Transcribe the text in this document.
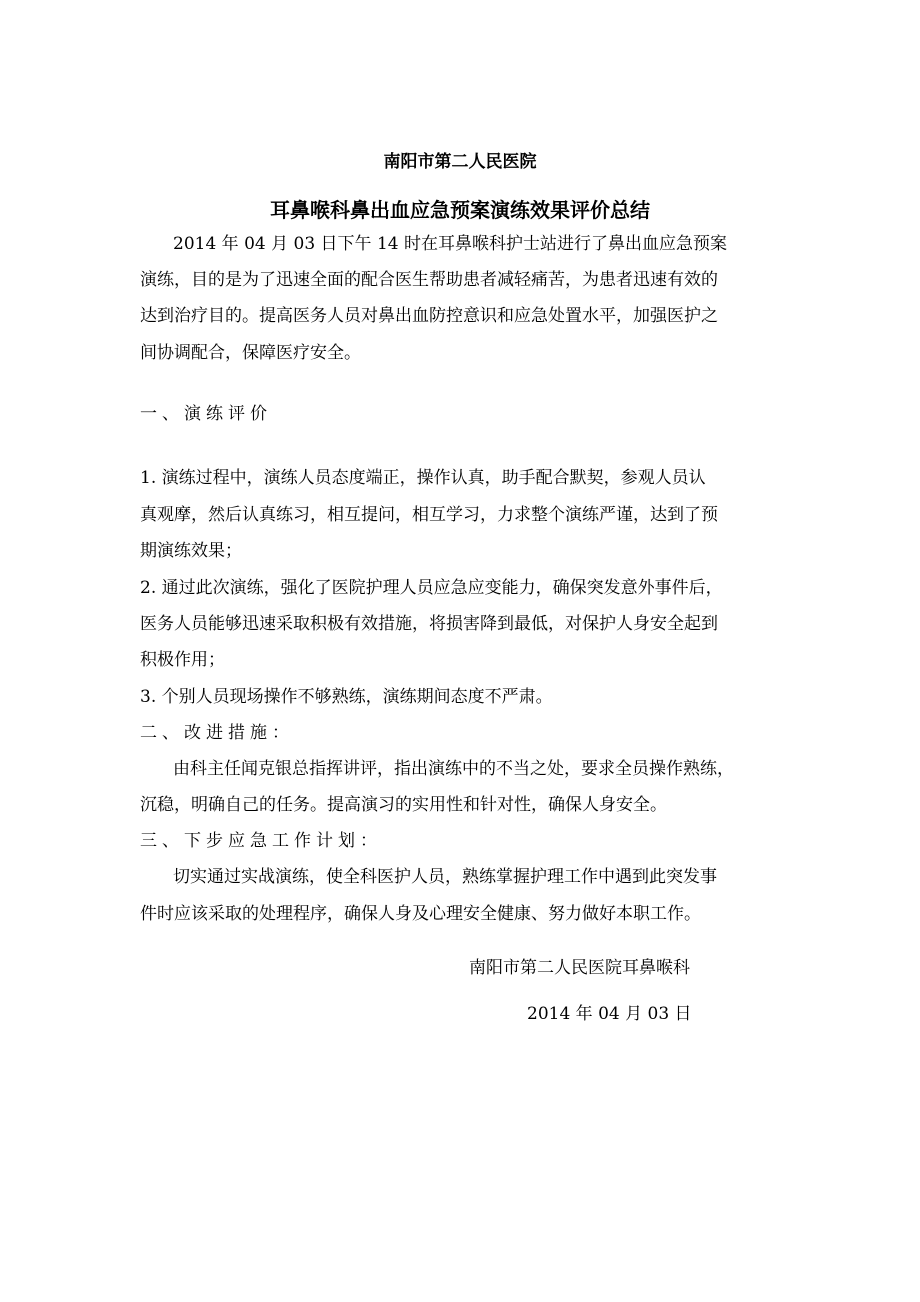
南阳市第二人民医院
耳鼻喉科鼻出血应急预案演练效果评价总结
2014 年 04 月 03 日下午 14 时在耳鼻喉科护士站进行了鼻出血应急预案
演练，目的是为了迅速全面的配合医生帮助患者减轻痛苦，为患者迅速有效的
达到治疗目的。提高医务人员对鼻出血防控意识和应急处置水平，加强医护之
间协调配合，保障医疗安全。
一、演练评价
1. 演练过程中，演练人员态度端正，操作认真，助手配合默契，参观人员认
真观摩，然后认真练习，相互提问，相互学习，力求整个演练严谨，达到了预
期演练效果；
2. 通过此次演练，强化了医院护理人员应急应变能力，确保突发意外事件后，
医务人员能够迅速采取积极有效措施，将损害降到最低，对保护人身安全起到
积极作用；
3. 个别人员现场操作不够熟练，演练期间态度不严肃。
二、改进措施：
由科主任闻克银总指挥讲评，指出演练中的不当之处，要求全员操作熟练，
沉稳，明确自己的任务。提高演习的实用性和针对性，确保人身安全。
三、下步应急工作计划：
切实通过实战演练，使全科医护人员，熟练掌握护理工作中遇到此突发事
件时应该采取的处理程序，确保人身及心理安全健康、努力做好本职工作。
南阳市第二人民医院耳鼻喉科
2014 年 04 月 03 日
